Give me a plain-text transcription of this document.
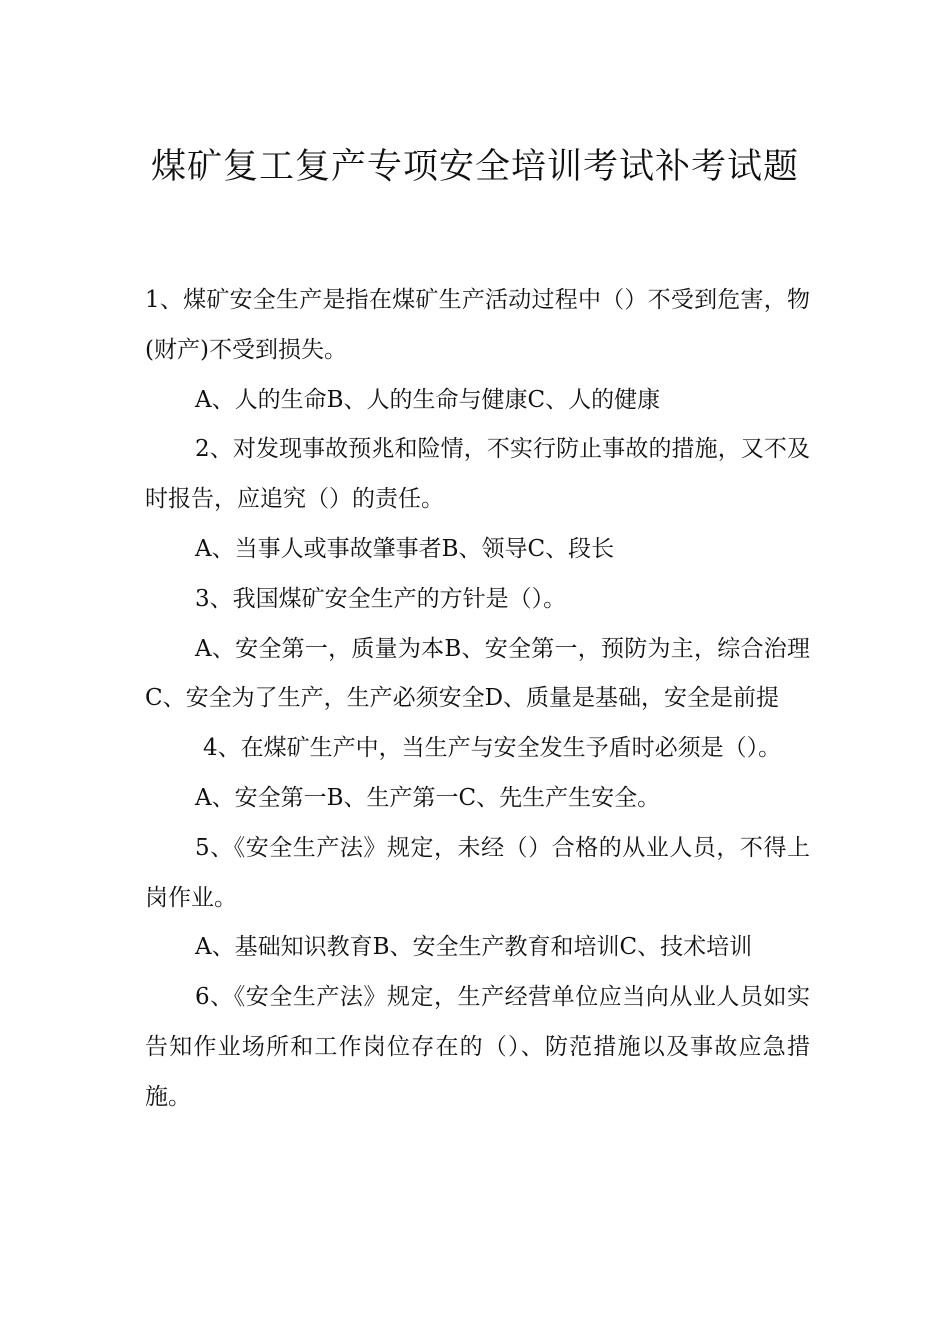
煤矿复工复产专项安全培训考试补考试题

1、煤矿安全生产是指在煤矿生产活动过程中（）不受到危害，物(财产)不受到损失。

A、人的生命B、人的生命与健康C、人的健康

2、对发现事故预兆和险情，不实行防止事故的措施，又不及时报告，应追究（）的责任。

A、当事人或事故肇事者B、领导C、段长

3、我国煤矿安全生产的方针是（）。

A、安全第一，质量为本B、安全第一，预防为主，综合治理C、安全为了生产，生产必须安全D、质量是基础，安全是前提

4、在煤矿生产中，当生产与安全发生予盾时必须是（）。

A、安全第一B、生产第一C、先生产生安全。

5、《安全生产法》规定，未经（）合格的从业人员，不得上岗作业。

A、基础知识教育B、安全生产教育和培训C、技术培训

6、《安全生产法》规定，生产经营单位应当向从业人员如实告知作业场所和工作岗位存在的（）、防范措施以及事故应急措施。
